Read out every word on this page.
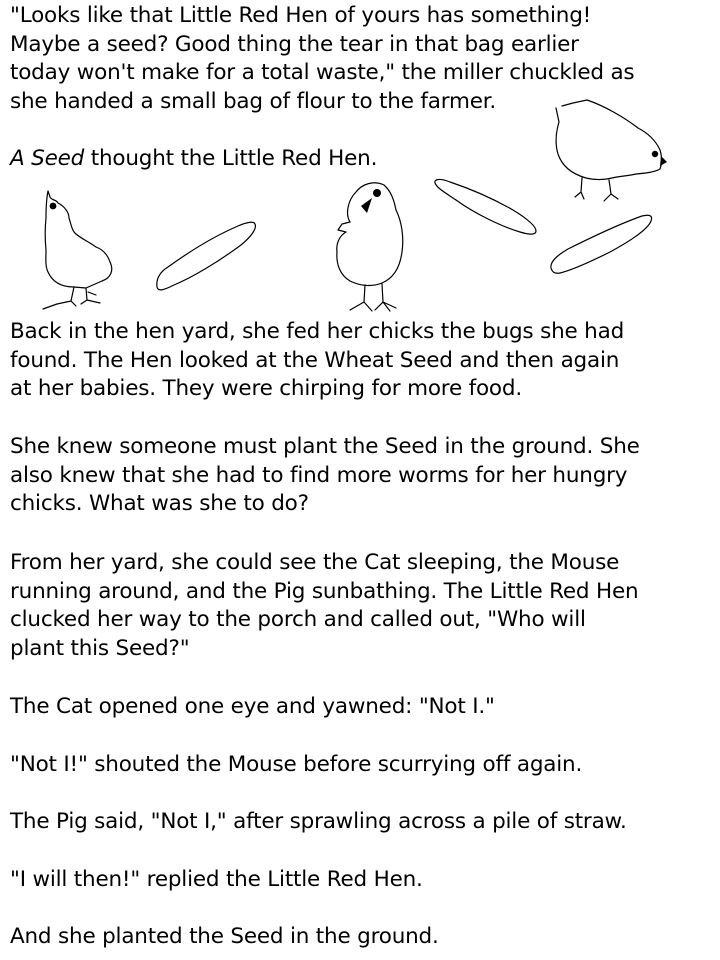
"Looks like that Little Red Hen of yours has something!
Maybe a seed? Good thing the tear in that bag earlier
today won't make for a total waste," the miller chuckled as
she handed a small bag of flour to the farmer.

A Seed thought the Little Red Hen.

Back in the hen yard, she fed her chicks the bugs she had
found. The Hen looked at the Wheat Seed and then again
at her babies. They were chirping for more food.

She knew someone must plant the Seed in the ground. She
also knew that she had to find more worms for her hungry
chicks. What was she to do?

From her yard, she could see the Cat sleeping, the Mouse
running around, and the Pig sunbathing. The Little Red Hen
clucked her way to the porch and called out, "Who will
plant this Seed?"

The Cat opened one eye and yawned: "Not I."

"Not I!" shouted the Mouse before scurrying off again.

The Pig said, "Not I," after sprawling across a pile of straw.

"I will then!" replied the Little Red Hen.

And she planted the Seed in the ground.
